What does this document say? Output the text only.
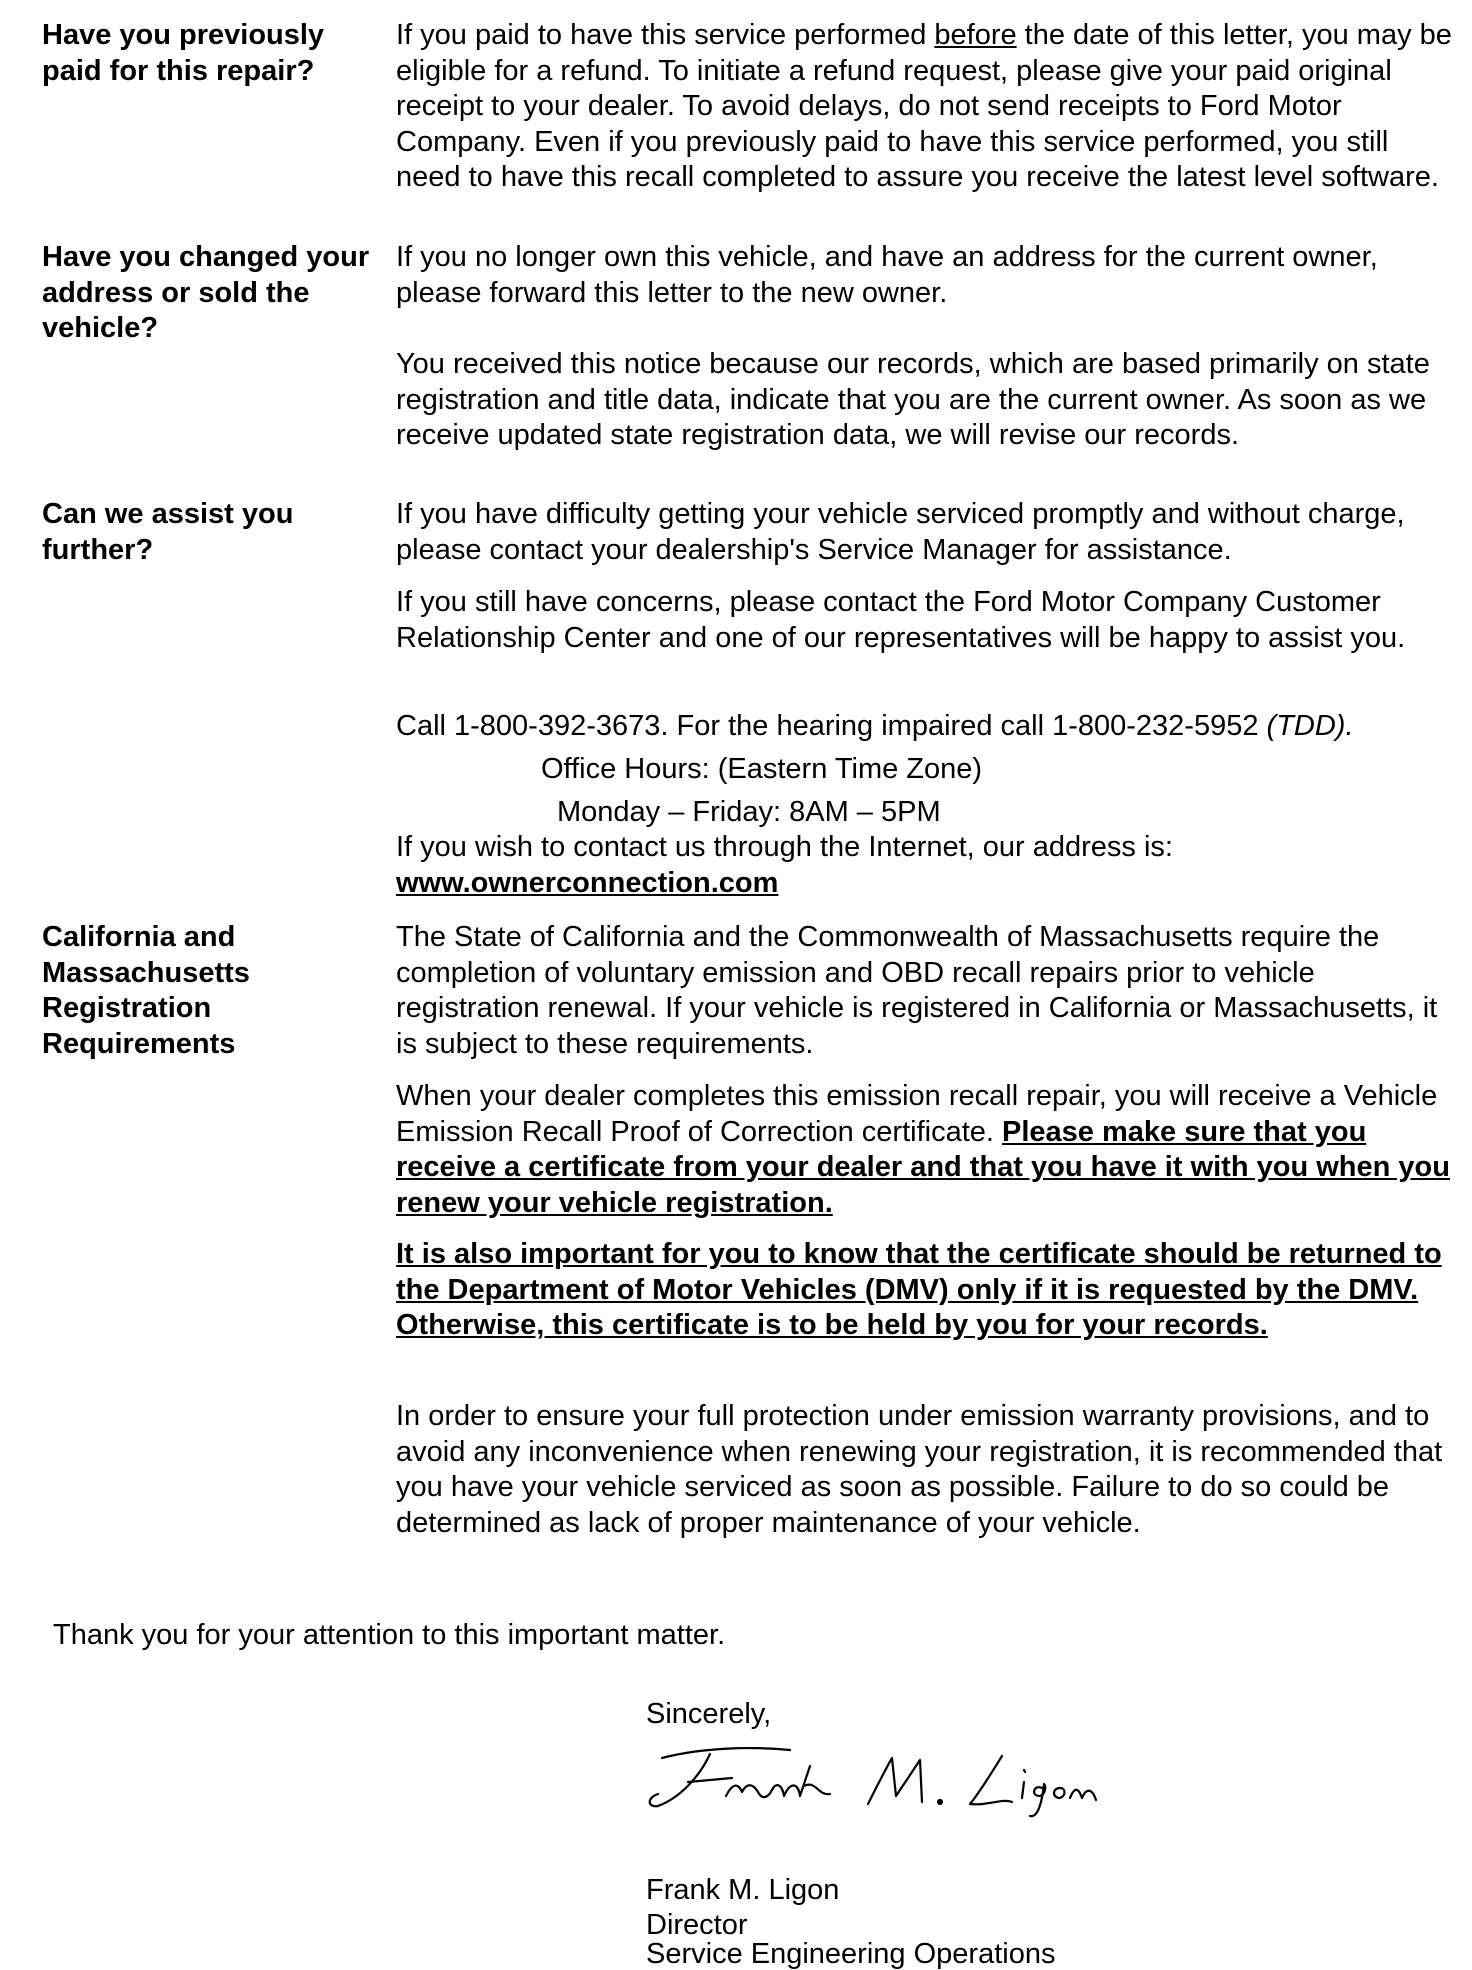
Have you previously paid for this repair?

If you paid to have this service performed before the date of this letter, you may be eligible for a refund. To initiate a refund request, please give your paid original receipt to your dealer. To avoid delays, do not send receipts to Ford Motor Company. Even if you previously paid to have this service performed, you still need to have this recall completed to assure you receive the latest level software.

Have you changed your address or sold the vehicle?

If you no longer own this vehicle, and have an address for the current owner, please forward this letter to the new owner.

You received this notice because our records, which are based primarily on state registration and title data, indicate that you are the current owner. As soon as we receive updated state registration data, we will revise our records.

Can we assist you further?

If you have difficulty getting your vehicle serviced promptly and without charge, please contact your dealership's Service Manager for assistance.

If you still have concerns, please contact the Ford Motor Company Customer Relationship Center and one of our representatives will be happy to assist you.

Call 1-800-392-3673. For the hearing impaired call 1-800-232-5952 (TDD).

Office Hours: (Eastern Time Zone)
Monday – Friday: 8AM – 5PM

If you wish to contact us through the Internet, our address is:
www.ownerconnection.com

California and Massachusetts Registration Requirements

The State of California and the Commonwealth of Massachusetts require the completion of voluntary emission and OBD recall repairs prior to vehicle registration renewal. If your vehicle is registered in California or Massachusetts, it is subject to these requirements.

When your dealer completes this emission recall repair, you will receive a Vehicle Emission Recall Proof of Correction certificate. Please make sure that you receive a certificate from your dealer and that you have it with you when you renew your vehicle registration.

It is also important for you to know that the certificate should be returned to the Department of Motor Vehicles (DMV) only if it is requested by the DMV. Otherwise, this certificate is to be held by you for your records.

In order to ensure your full protection under emission warranty provisions, and to avoid any inconvenience when renewing your registration, it is recommended that you have your vehicle serviced as soon as possible. Failure to do so could be determined as lack of proper maintenance of your vehicle.

Thank you for your attention to this important matter.
Sincerely,
Frank M. Ligon
Director
Service Engineering Operations
